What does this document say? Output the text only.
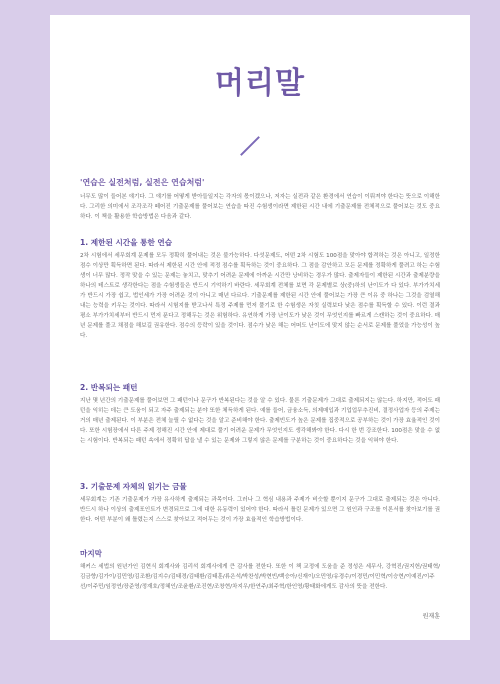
머리말
'연습은 실전처럼, 실전은 연습처럼'

너무도 많이 들어본 얘기다. 그 얘기를 어떻게 받아들일지는 각자의 몫이겠으나, 저자는 실전과 같은 환경에서 연습이 이뤄져야 한다는 뜻으로 이해한다. 그리한 의미에서 조각조각 떼어진 기출문제를 풀어보는 연습을 따진 수험생이라면 제한된 시간 내에 기출문제를 전체적으로 풀어보는 것도 중요하다. 이 책을 활용한 학습방법은 다음과 같다.

1. 제한된 시간을 통한 연습

2차 시험에서 세무회계 문제를 모두 정확히 풀어내는 것은 불가능하다. 다섯문제도, 어떤 2차 시험도 100점을 맞아야 합격하는 것은 아니고, 일정한 점수 이상만 획득하면 된다. 따라서 제한된 시간 안에 적정 점수를 획득하는 것이 중요하다. 그 점을 감안하고 모든 문제를 정확하게 풀려고 하는 수험생이 너무 많다. 정작 맞을 수 있는 문제는 놓치고, 맞추기 어려운 문제에 아까운 시간만 낭비하는 경우가 많다. 출제자들이 제한된 시간과 출제분량을 하나의 테스트로 생각한다는 점을 수험생들은 반드시 기억하기 바란다. 세무회계 전체를 보면 각 문제별로 상(중)하의 난이도가 다 있다. 부가가치세가 반드시 가장 쉽고, 법인세가 가장 어려운 것이 아니고 매년 다르다. 기출문제를 제한된 시간 안에 풀어보는 가장 큰 이유 중 하나는 그것을 검열해내는 능력을 키우는 것이다. 따라서 시험지를 받고나서 특정 주제를 먼저 풀기로 한 수험생은 자칫 실력보다 낮은 점수를 획득할 수 있다. 이런 결과 평소 부가가치세부터 반드시 먼저 푼다고 정해두는 것은 위험하다. 유연하게 가장 난이도가 낮은 것이 무엇인지를 빠르게 스캔하는 것이 중요하다. 매년 문제를 풀고 채점을 해보길 권유한다. 점수의 등락이 있을 것이다. 점수가 낮은 해는 어떠도 난이도에 맞지 않는 순서로 문제를 풀었을 가능성이 높다.

2. 반복되는 패턴

지난 몇 년간의 기출문제를 풀어보면 그 패턴이나 문구가 반복된다는 것을 알 수 있다. 물론 기출문제가 그대로 출제되지는 않는다. 하지만, 적어도 패턴을 익히는 데는 큰 도움이 되고 자주 출제되는 분야 또한 체득하게 된다. 예를 들어, 금융소득, 의제매입과 기업업무추진비, 결정사업자 등의 주제는 거의 매년 출제된다. 이 부분은 전체 늘릴 수 없다는 것을 알고 준비해야 한다. 출제빈도가 높은 문제를 집중적으로 공부하는 것이 가장 효율적인 것이다. 또한 시험장에서 다른 주제 정해진 시간 안에 제대로 풀기 어려운 문제가 무엇인지도 생각해봐야 한다. 다시 한 번 강조한다. 100점은 맞을 수 없는 시험이다. 반복되는 패턴 속에서 정확히 답을 낼 수 있는 문제와 그렇지 않은 문제를 구분하는 것이 중요하다는 것을 익혀야 한다.

3. 기출문제 자체의 읽기는 금물

세무회계는 기존 기출문제가 가장 유사하게 출제되는 과목이다. 그러나 그 혁심 내용과 주제가 비슷할 뿐이지 문구가 그대로 출제되는 것은 아니다. 반드시 하나 이상의 출제포인트가 변경되므로 그에 대한 유동력이 있어야 한다. 따라서 틀린 문제가 있으면 그 원인과 구조를 이론서를 찾아보기를 권한다. 어떤 부분이 왜 틀렸는지 스스로 찾아보고 적어두는 것이 가장 효율적인 학습방법이다.

마지막

해커스 세법의 원년가인 김현식 회계사와 김리석 회계사에게 큰 감사를 전한다. 또한 이 책 교정에 도움을 준 정성은 세무사, 강혁진/권지헌/권태혁/김금향/김가이/김민영/김조환/김지수/김태경/김태환/김태훈/류은석/박찬성/박현빈/백승아/신재이/오민영/유경수/이경민/이민혁/이승현/이예진/이주선/이주민/임정연/장준영/정재호/정혜인/조윤환/조진현/조창현/차지우/한연주/최주혁/한인영/황태화에게도 감사의 뜻을 전한다.

원재훈
